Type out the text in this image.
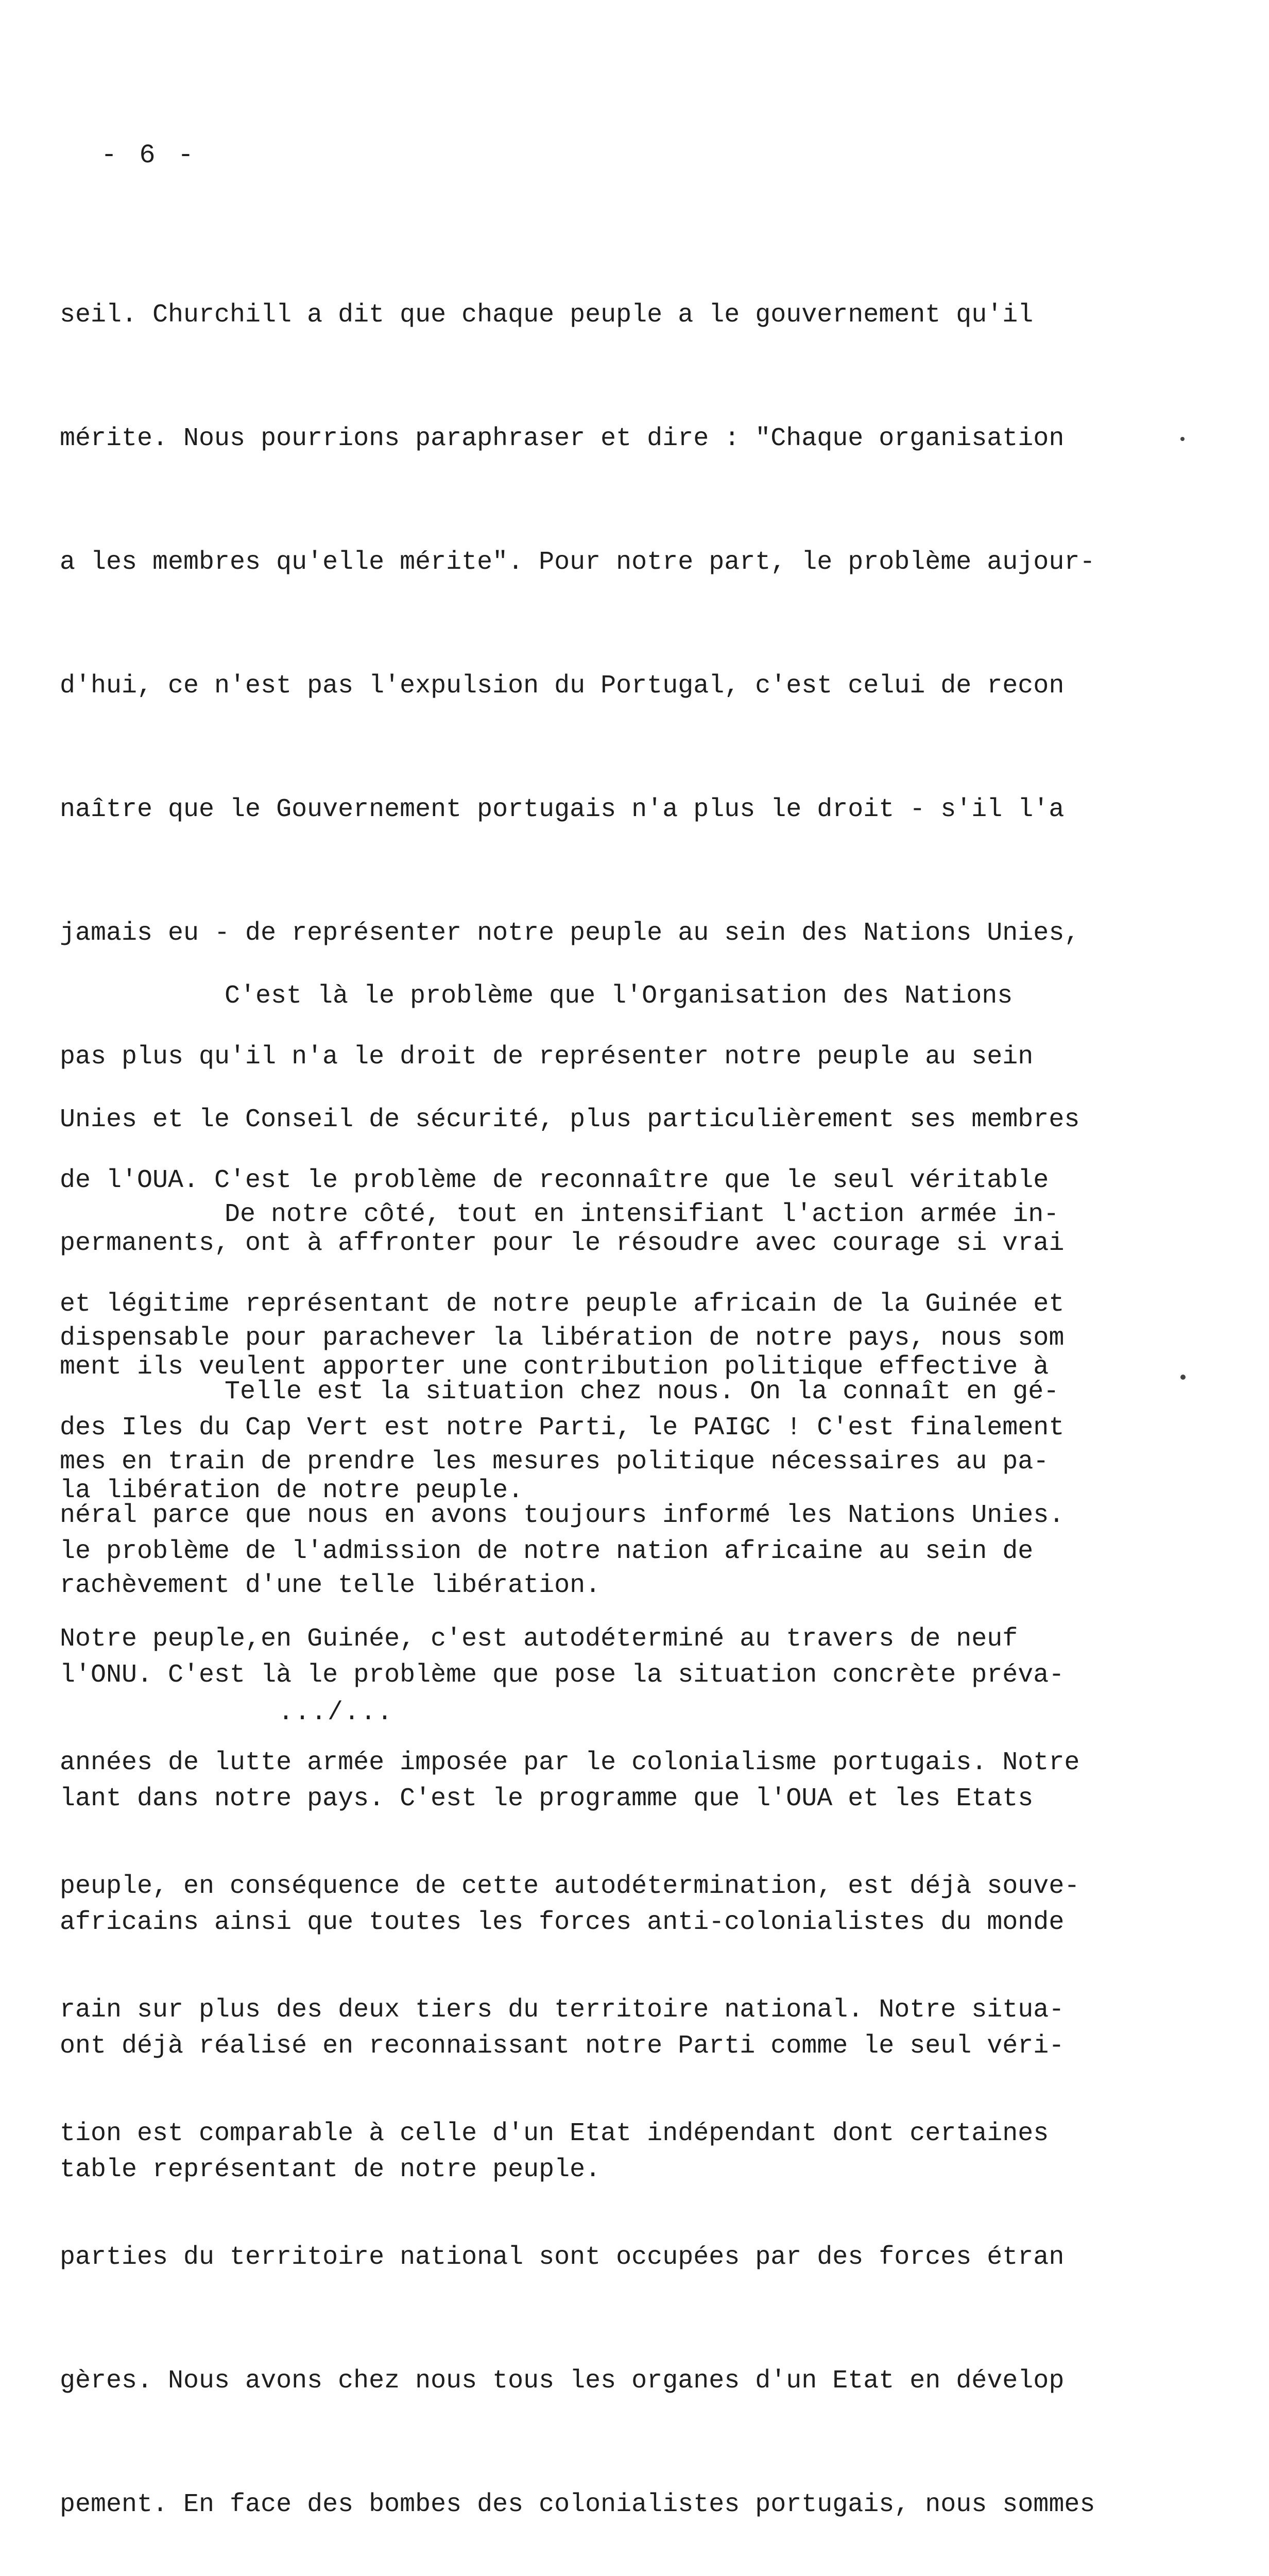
- 6 -

seil. Churchill a dit que chaque peuple a le gouvernement qu'il

mérite. Nous pourrions paraphraser et dire : "Chaque organisation

a les membres qu'elle mérite". Pour notre part, le problème aujour-

d'hui, ce n'est pas l'expulsion du Portugal, c'est celui de recon

naître que le Gouvernement portugais n'a plus le droit - s'il l'a

jamais eu - de représenter notre peuple au sein des Nations Unies,

pas plus qu'il n'a le droit de représenter notre peuple au sein

de l'OUA. C'est le problème de reconnaître que le seul véritable

et légitime représentant de notre peuple africain de la Guinée et

des Iles du Cap Vert est notre Parti, le PAIGC ! C'est finalement

le problème de l'admission de notre nation africaine au sein de

l'ONU. C'est là le problème que pose la situation concrète préva-

lant dans notre pays. C'est le programme que l'OUA et les Etats

africains ainsi que toutes les forces anti-colonialistes du monde

ont déjà réalisé en reconnaissant notre Parti comme le seul véri-

table représentant de notre peuple.

C'est là le problème que l'Organisation des Nations

Unies et le Conseil de sécurité, plus particulièrement ses membres

permanents, ont à affronter pour le résoudre avec courage si vrai

ment ils veulent apporter une contribution politique effective à

la libération de notre peuple.

De notre côté, tout en intensifiant l'action armée in-

dispensable pour parachever la libération de notre pays, nous som

mes en train de prendre les mesures politique nécessaires au pa-

rachèvement d'une telle libération.

Telle est la situation chez nous. On la connaît en gé-

néral parce que nous en avons toujours informé les Nations Unies.

Notre peuple,en Guinée, c'est autodéterminé au travers de neuf

années de lutte armée imposée par le colonialisme portugais. Notre

peuple, en conséquence de cette autodétermination, est déjà souve-

rain sur plus des deux tiers du territoire national. Notre situa-

tion est comparable à celle d'un Etat indépendant dont certaines

parties du territoire national sont occupées par des forces étran

gères. Nous avons chez nous tous les organes d'un Etat en dévelop

pement. En face des bombes des colonialistes portugais, nous sommes

.../...
